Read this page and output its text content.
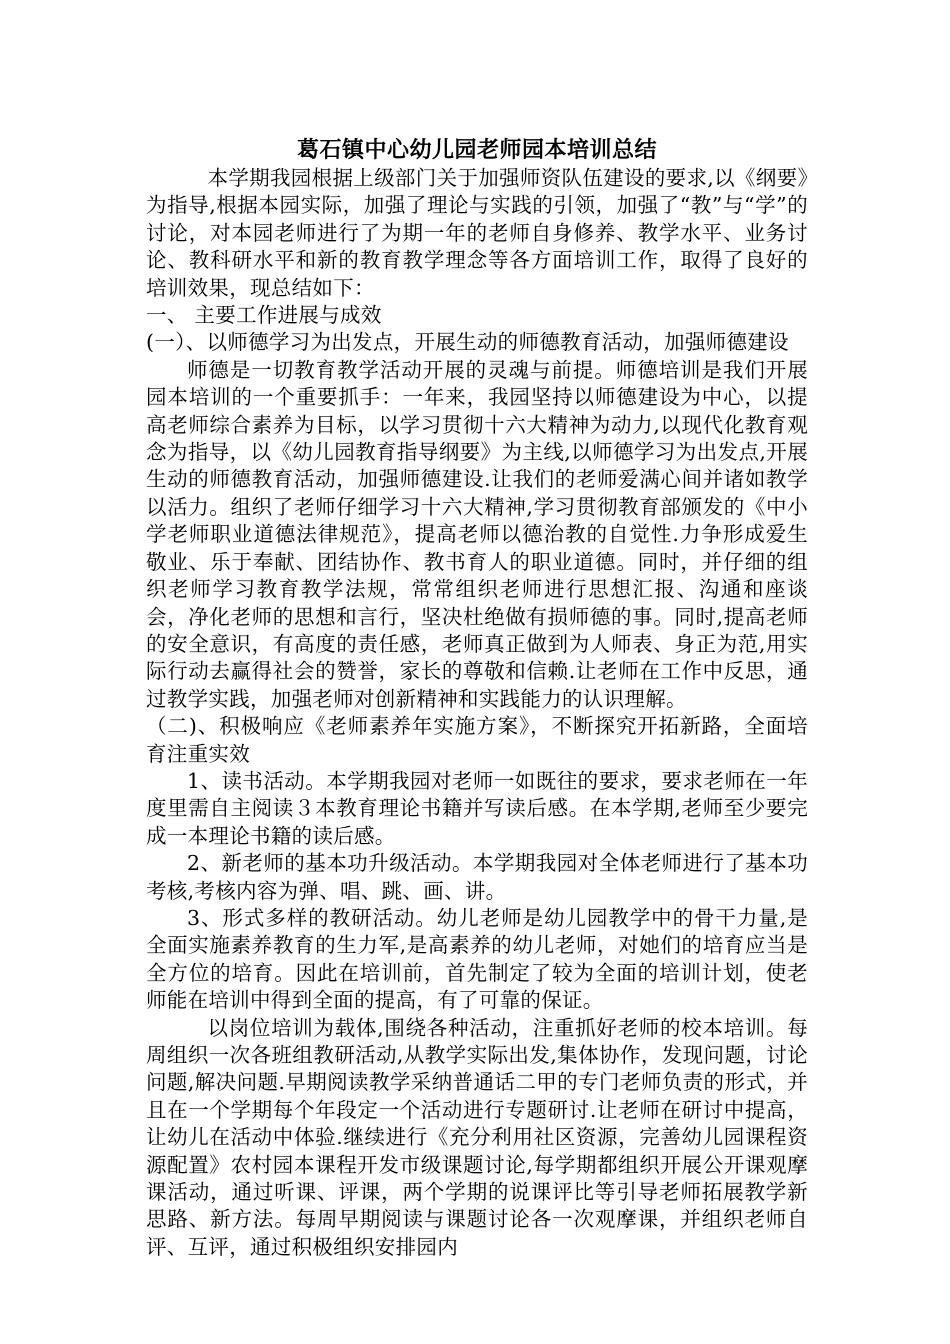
葛石镇中心幼儿园老师园本培训总结

本学期我园根据上级部门关于加强师资队伍建设的要求,以《纲要》为指导,根据本园实际，加强了理论与实践的引领，加强了“教”与“学”的讨论，对本园老师进行了为期一年的老师自身修养、教学水平、业务讨论、教科研水平和新的教育教学理念等各方面培训工作，取得了良好的培训效果，现总结如下：

一、 主要工作进展与成效

(一）、以师德学习为出发点，开展生动的师德教育活动，加强师德建设

师德是一切教育教学活动开展的灵魂与前提。师德培训是我们开展园本培训的一个重要抓手：一年来，我园坚持以师德建设为中心，以提高老师综合素养为目标，以学习贯彻十六大精神为动力,以现代化教育观念为指导，以《幼儿园教育指导纲要》为主线,以师德学习为出发点,开展生动的师德教育活动，加强师德建设.让我们的老师爱满心间并诸如教学以活力。组织了老师仔细学习十六大精神,学习贯彻教育部颁发的《中小学老师职业道德法律规范》，提高老师以德治教的自觉性.力争形成爱生敬业、乐于奉献、团结协作、教书育人的职业道德。同时，并仔细的组织老师学习教育教学法规，常常组织老师进行思想汇报、沟通和座谈会，净化老师的思想和言行，坚决杜绝做有损师德的事。同时,提高老师的安全意识，有高度的责任感，老师真正做到为人师表、身正为范,用实际行动去赢得社会的赞誉，家长的尊敬和信赖.让老师在工作中反思，通过教学实践，加强老师对创新精神和实践能力的认识理解。

（二)、积极响应《老师素养年实施方案》，不断探究开拓新路，全面培育注重实效

1、读书活动。本学期我园对老师一如既往的要求，要求老师在一年度里需自主阅读３本教育理论书籍并写读后感。在本学期,老师至少要完成一本理论书籍的读后感。

2、新老师的基本功升级活动。本学期我园对全体老师进行了基本功考核,考核内容为弹、唱、跳、画、讲。

3、形式多样的教研活动。幼儿老师是幼儿园教学中的骨干力量,是全面实施素养教育的生力军,是高素养的幼儿老师，对她们的培育应当是全方位的培育。因此在培训前，首先制定了较为全面的培训计划，使老师能在培训中得到全面的提高，有了可靠的保证。

以岗位培训为载体,围绕各种活动，注重抓好老师的校本培训。每周组织一次各班组教研活动,从教学实际出发,集体协作，发现问题，讨论问题,解决问题.早期阅读教学采纳普通话二甲的专门老师负责的形式，并且在一个学期每个年段定一个活动进行专题研讨.让老师在研讨中提高，让幼儿在活动中体验.继续进行《充分利用社区资源，完善幼儿园课程资源配置》农村园本课程开发市级课题讨论,每学期都组织开展公开课观摩课活动，通过听课、评课，两个学期的说课评比等引导老师拓展教学新思路、新方法。每周早期阅读与课题讨论各一次观摩课，并组织老师自评、互评，通过积极组织安排园内
